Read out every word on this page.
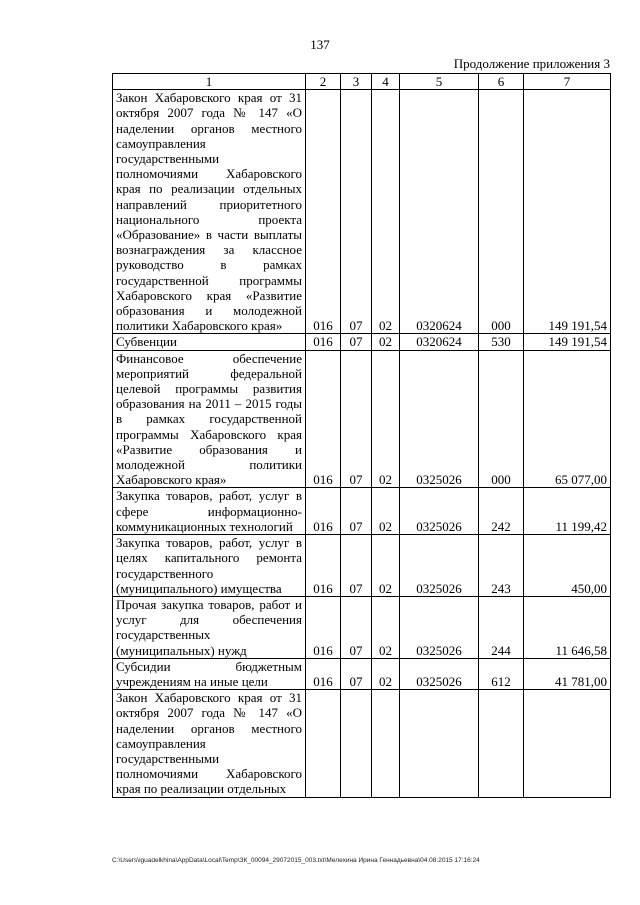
137
Продолжение приложения 3
1	2	3	4	5	6	7
Закон Хабаровского края от 31 октября 2007 года № 147 «О наделении органов местного самоуправления государственными полномочиями Хабаровского края по реализации отдельных направлений приоритетного национального проекта «Образование» в части выплаты вознаграждения за классное руководство в рамках государственной программы Хабаровского края «Развитие образования и молодежной политики Хабаровского края»	016	07	02	0320624	000	149 191,54
Субвенции	016	07	02	0320624	530	149 191,54
Финансовое обеспечение мероприятий федеральной целевой программы развития образования на 2011 – 2015 годы в рамках государственной программы Хабаровского края «Развитие образования и молодежной политики Хабаровского края»	016	07	02	0325026	000	65 077,00
Закупка товаров, работ, услуг в сфере информационно-коммуникационных технологий	016	07	02	0325026	242	11 199,42
Закупка товаров, работ, услуг в целях капитального ремонта государственного (муниципального) имущества	016	07	02	0325026	243	450,00
Прочая закупка товаров, работ и услуг для обеспечения государственных (муниципальных) нужд	016	07	02	0325026	244	11 646,58
Субсидии бюджетным учреждениям на иные цели	016	07	02	0325026	612	41 781,00
Закон Хабаровского края от 31 октября 2007 года № 147 «О наделении органов местного самоуправления государственными полномочиями Хабаровского края по реализации отдельных						
C:\Users\iguadelkhina\AppData\Local\Temp\ЗК_00094_29072015_003.txt\Мелехина Ирина Геннадьевна\04.08.2015 17:16:24
